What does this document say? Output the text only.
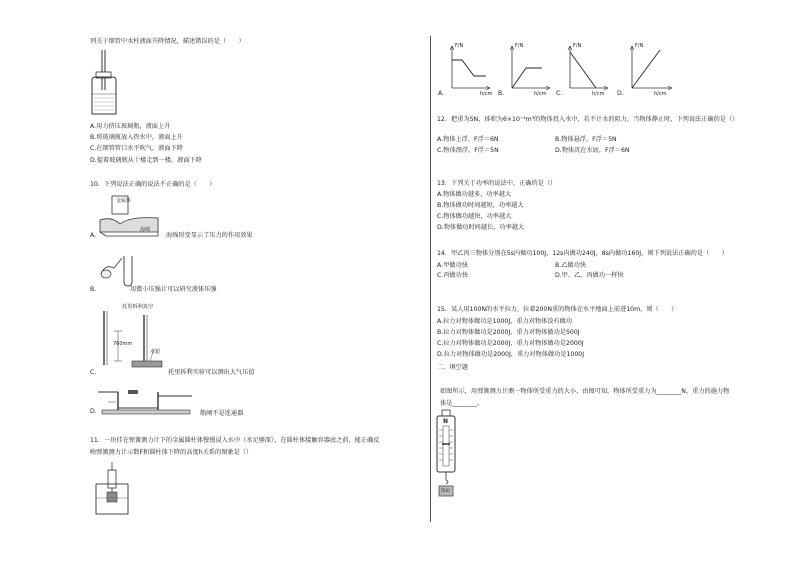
列关于细管中水柱液面升降情况，描述错误的是（　　）
A.用力挤压玻璃瓶，液面上升
B.将玻璃瓶放入热水中，液面上升
C.在细管管口水平吹气，液面下降
D.提着玻璃瓶从十楼走到一楼，液面下降
10．下列说法正确的说法不正确的是（　　）
金属块
海绵
A.	海绵形变显示了压力的作用效果
B.	用微小压强计可以研究液体压强
托里拆利真空
760mm
水银
C.	托里拆利实验可以测出大气压值
D.	船闸不是连通器
11．一块挂在弹簧测力计下的金属圆柱体慢慢浸入水中（水足够深），在圆柱体接触容器底之前，能正确反
映弹簧测力计示数F和圆柱体下降的高度h关系的图象是（）
F/N
h/cm
A.
F/N
h/cm
B.
F/N
h/cm
C.
F/N
h/cm
D.
12．把重为5N，体积为6×10⁻⁴m³的物体投入水中，若不计水的阻力，当物体静止时，下列说法正确的是（）
A.物体上浮，F浮＝6N	B.物体悬浮，F浮＝5N
C.物体漂浮，F浮＝5N	D.物体沉在水底，F浮＝6N
13．下列关于功率的说法中，正确的是（）
A.物体做功越多，功率越大
B.物体做功时间越短，功率越大
C.物体做功越快，功率越大
D.物体做功时间越长，功率越大
14．甲乙丙三物体分别在5s内做功100J，12s内做功240J，8s内做功160J，则下列说法正确的是（　　）
A.甲做功快	B.乙做功快
C.丙做功快	D.甲、乙、丙做功一样快
15．某人用100N的水平拉力，拉着200N重的物体在水平地面上前进10m，则（　　）
A.拉力对物体做功是1000J，重力对物体没有做功
B.拉力对物体做功是2000J，重力对物体做功是500J
C.拉力对物体做功是2000J，重力对物体做功是2000J
D.拉力对物体做功是2000J，重力对物体做功是1000J
二、填空题
如图所示，用弹簧测力计测一物体所受重力的大小，由图可知，物体所受重力为________N，重力的施力物
体是________。
N
钩码
